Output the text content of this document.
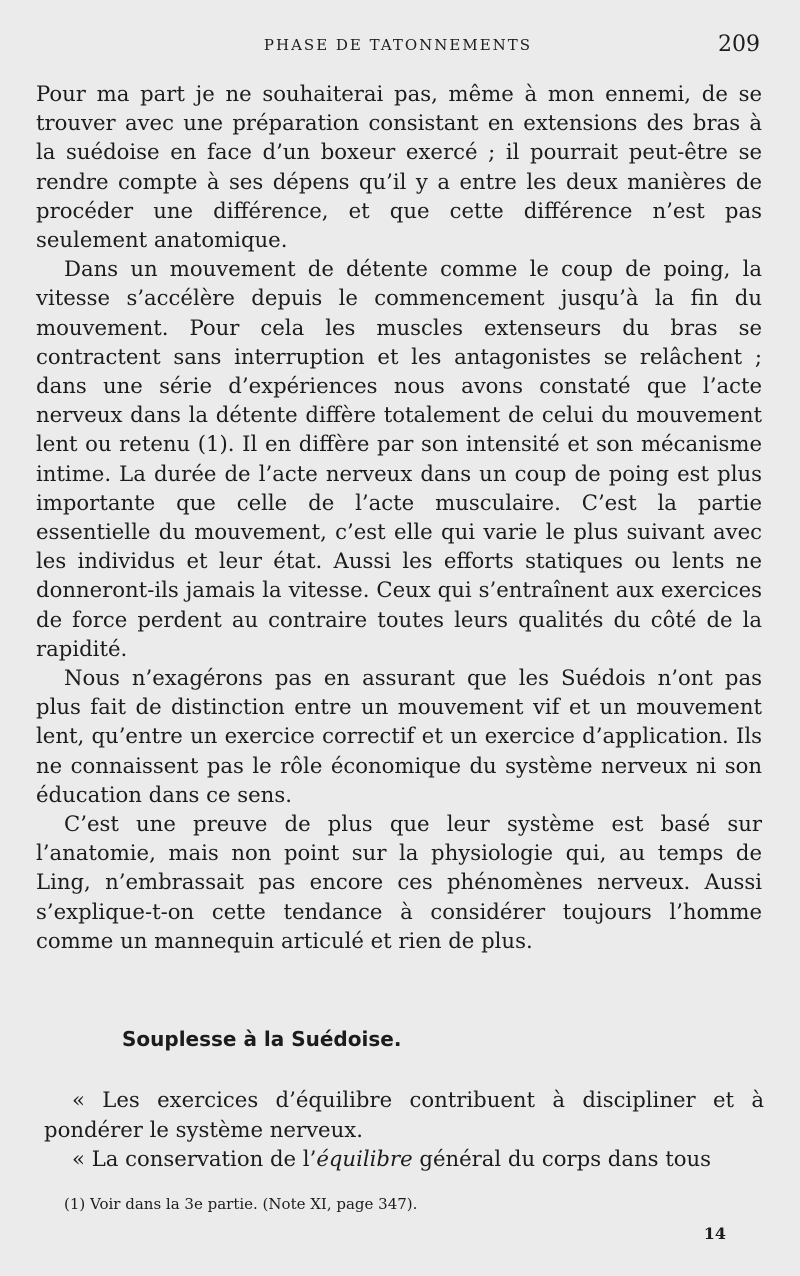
PHASE DE TATONNEMENTS	209

Pour ma part je ne souhaiterai pas, même à mon ennemi, de se trouver avec une préparation consistant en extensions des bras à la suédoise en face d’un boxeur exercé ; il pourrait peut-être se rendre compte à ses dépens qu’il y a entre les deux manières de procéder une différence, et que cette différence n’est pas seulement anatomique.

Dans un mouvement de détente comme le coup de poing, la vitesse s’accélère depuis le commencement jusqu’à la fin du mouvement. Pour cela les muscles extenseurs du bras se contractent sans interruption et les antagonistes se relâchent ; dans une série d’expériences nous avons constaté que l’acte nerveux dans la détente diffère totalement de celui du mouvement lent ou retenu (1). Il en diffère par son intensité et son mécanisme intime. La durée de l’acte nerveux dans un coup de poing est plus importante que celle de l’acte musculaire. C’est la partie essentielle du mouvement, c’est elle qui varie le plus suivant avec les individus et leur état. Aussi les efforts statiques ou lents ne donneront-ils jamais la vitesse. Ceux qui s’entraînent aux exercices de force perdent au contraire toutes leurs qualités du côté de la rapidité.

Nous n’exagérons pas en assurant que les Suédois n’ont pas plus fait de distinction entre un mouvement vif et un mouvement lent, qu’entre un exercice correctif et un exercice d’application. Ils ne connaissent pas le rôle économique du système nerveux ni son éducation dans ce sens.

C’est une preuve de plus que leur système est basé sur l’anatomie, mais non point sur la physiologie qui, au temps de Ling, n’embrassait pas encore ces phénomènes nerveux. Aussi s’explique-t-on cette tendance à considérer toujours l’homme comme un mannequin articulé et rien de plus.

Souplesse à la Suédoise.

« Les exercices d’équilibre contribuent à discipliner et à pondérer le système nerveux.

« La conservation de l’équilibre général du corps dans tous

(1) Voir dans la 3e partie. (Note XI, page 347).
14
